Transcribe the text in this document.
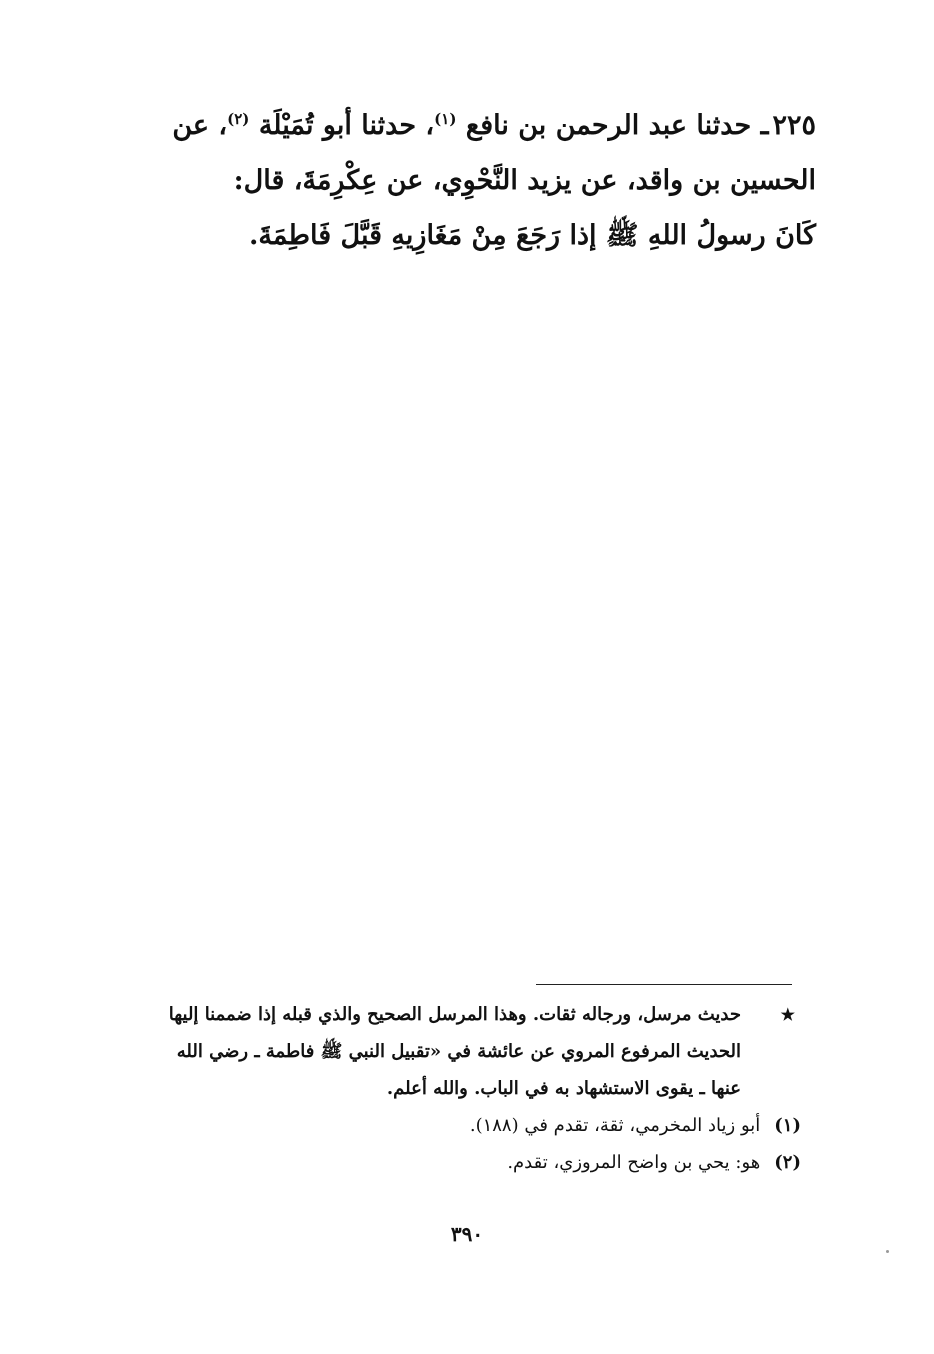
٢٢٥ـ حدثنا عبد الرحمن بن نافع $^{(١)}$، حدثنا أبو تُمَيْلَة $^{(٢)}$، عن
الحسين بن واقد، عن يزيد النَّحْوِي، عن عِكْرِمَةَ، قال:
كَانَ رسولُ اللهِ ﷺ إذا رَجَعَ مِنْ مَغَازِيهِ قَبَّلَ فَاطِمَةَ.
★
حديث مرسل، ورجاله ثقات. وهذا المرسل الصحيح والذي قبله إذا ضممنا إليها
الحديث المرفوع المروي عن عائشة في «تقبيل النبي ﷺ فاطمة ـ رضي الله
عنها ـ يقوى الاستشهاد به في الباب. والله أعلم.
(١)أبو زياد المخرمي، ثقة، تقدم في (١٨٨).
(٢)هو: يحي بن واضح المروزي، تقدم.
٣٩٠
